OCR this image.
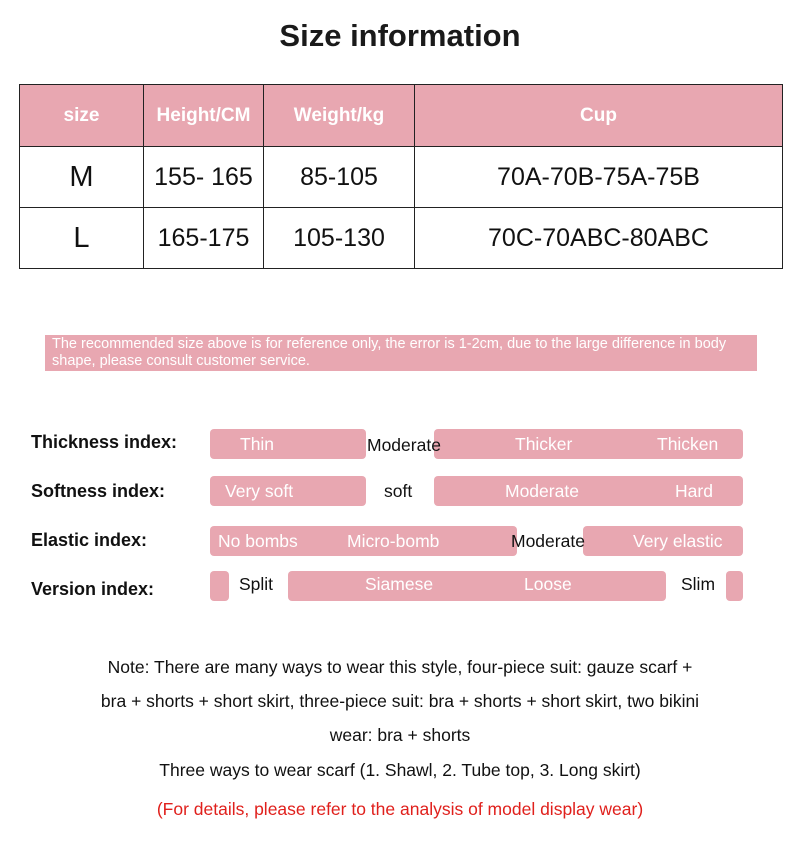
Size information
size	Height/CM	Weight/kg	Cup
M	155- 165	85-105	70A-70B-75A-75B
L	165-175	105-130	70C-70ABC-80ABC
The recommended size above is for reference only, the error is 1-2cm, due to the large difference in body shape, please consult customer service.
Thickness index:	Thin	Moderate	Thicker	Thicken
Softness index:	Very soft	soft	Moderate	Hard
Elastic index:	No bombs	Micro-bomb	Moderate	Very elastic
Version index:	Split	Siamese	Loose	Slim
Note: There are many ways to wear this style, four-piece suit: gauze scarf +
bra + shorts + short skirt, three-piece suit: bra + shorts + short skirt, two bikini
wear: bra + shorts
Three ways to wear scarf (1. Shawl, 2. Tube top, 3. Long skirt)
(For details, please refer to the analysis of model display wear)
